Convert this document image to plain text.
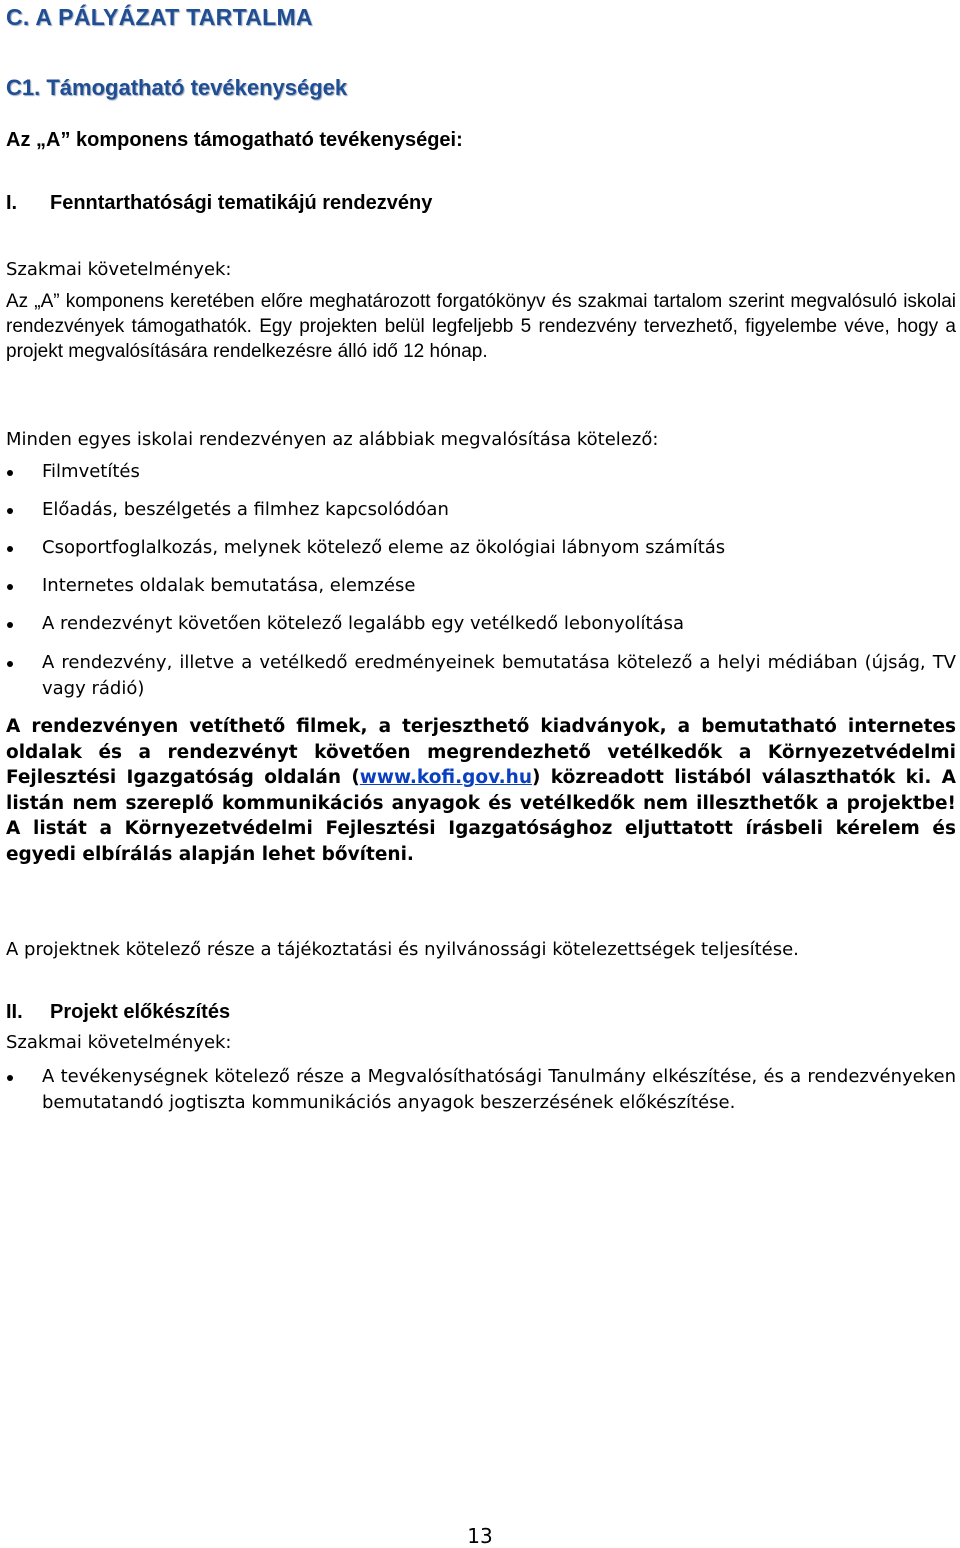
C. A PÁLYÁZAT TARTALMA
C1. Támogatható tevékenységek
Az „A” komponens támogatható tevékenységei:
I. Fenntarthatósági tematikájú rendezvény
Szakmai követelmények:
Az „A” komponens keretében előre meghatározott forgatókönyv és szakmai tartalom szerint megvalósuló iskolai rendezvények támogathatók. Egy projekten belül legfeljebb 5 rendezvény tervezhető, figyelembe véve, hogy a projekt megvalósítására rendelkezésre álló idő 12 hónap.
Minden egyes iskolai rendezvényen az alábbiak megvalósítása kötelező:
Filmvetítés
Előadás, beszélgetés a filmhez kapcsolódóan
Csoportfoglalkozás, melynek kötelező eleme az ökológiai lábnyom számítás
Internetes oldalak bemutatása, elemzése
A rendezvényt követően kötelező legalább egy vetélkedő lebonyolítása
A rendezvény, illetve a vetélkedő eredményeinek bemutatása kötelező a helyi médiában (újság, TV vagy rádió)
A rendezvényen vetíthető filmek, a terjeszthető kiadványok, a bemutatható internetes oldalak és a rendezvényt követően megrendezhető vetélkedők a Környezetvédelmi Fejlesztési Igazgatóság oldalán (www.kofi.gov.hu) közreadott listából választhatók ki. A listán nem szereplő kommunikációs anyagok és vetélkedők nem illeszthetők a projektbe! A listát a Környezetvédelmi Fejlesztési Igazgatósághoz eljuttatott írásbeli kérelem és egyedi elbírálás alapján lehet bővíteni.
A projektnek kötelező része a tájékoztatási és nyilvánossági kötelezettségek teljesítése.
II. Projekt előkészítés
Szakmai követelmények:
A tevékenységnek kötelező része a Megvalósíthatósági Tanulmány elkészítése, és a rendezvényeken bemutatandó jogtiszta kommunikációs anyagok beszerzésének előkészítése.
13
